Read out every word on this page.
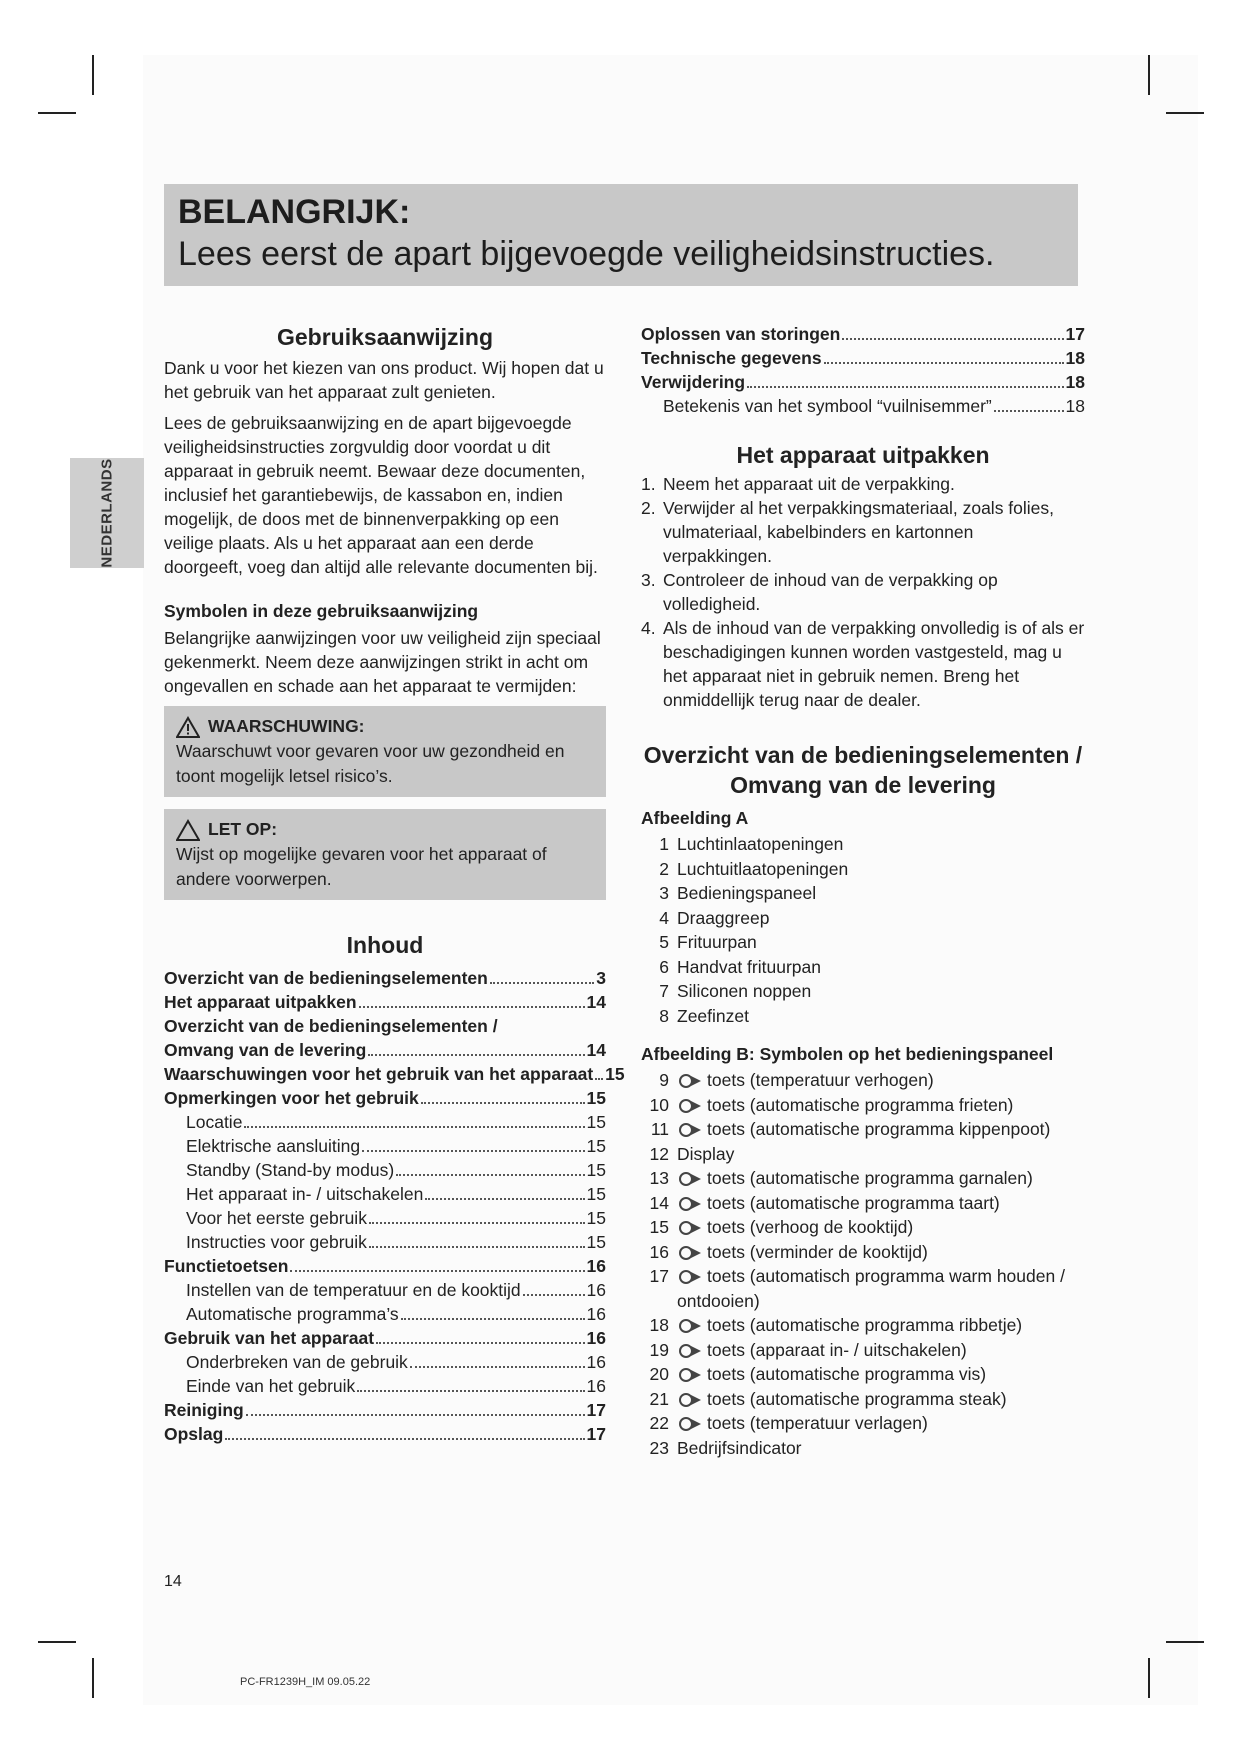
BELANGRIJK:
Lees eerst de apart bijgevoegde veiligheidsinstructies.
NEDERLANDS
Gebruiksaanwijzing

Dank u voor het kiezen van ons product. Wij hopen dat u het gebruik van het apparaat zult genieten.

Lees de gebruiksaanwijzing en de apart bijgevoegde veiligheidsinstructies zorgvuldig door voordat u dit apparaat in gebruik neemt. Bewaar deze documenten, inclusief het garantiebewijs, de kassabon en, indien mogelijk, de doos met de binnenverpakking op een veilige plaats. Als u het apparaat aan een derde doorgeeft, voeg dan altijd alle relevante documenten bij.

Symbolen in deze gebruiksaanwijzing

Belangrijke aanwijzingen voor uw veiligheid zijn speciaal gekenmerkt. Neem deze aanwijzingen strikt in acht om ongevallen en schade aan het apparaat te vermijden:

WAARSCHUWING:
Waarschuwt voor gevaren voor uw gezondheid en toont mogelijk letsel risico’s.
LET OP:
Wijst op mogelijke gevaren voor het apparaat of andere voorwerpen.
Inhoud
Overzicht van de bedieningselementen	3
Het apparaat uitpakken	14
Overzicht van de bedieningselementen /
Omvang van de levering	14
Waarschuwingen voor het gebruik van het apparaat 15
Opmerkingen voor het gebruik	15
Locatie	15
Elektrische aansluiting	15
Standby (Stand-by modus)	15
Het apparaat in- / uitschakelen	15
Voor het eerste gebruik	15
Instructies voor gebruik	15
Functietoetsen	16
Instellen van de temperatuur en de kooktijd	16
Automatische programma’s	16
Gebruik van het apparaat	16
Onderbreken van de gebruik	16
Einde van het gebruik	16
Reiniging	17
Opslag	17
Oplossen van storingen	17
Technische gegevens	18
Verwijdering	18
Betekenis van het symbool “vuilnisemmer”	18
Het apparaat uitpakken
1. Neem het apparaat uit de verpakking.
2. Verwijder al het verpakkingsmateriaal, zoals folies, vulmateriaal, kabelbinders en kartonnen verpakkingen.
3. Controleer de inhoud van de verpakking op volledigheid.
4. Als de inhoud van de verpakking onvolledig is of als er beschadigingen kunnen worden vastgesteld, mag u het apparaat niet in gebruik nemen. Breng het onmiddellijk terug naar de dealer.
Overzicht van de bedieningselementen /
Omvang van de levering

Afbeelding A

1 Luchtinlaatopeningen
2 Luchtuitlaatopeningen
3 Bedieningspaneel
4 Draaggreep
5 Frituurpan
6 Handvat frituurpan
7 Siliconen noppen
8 Zeefinzet

Afbeelding B: Symbolen op het bedieningspaneel

9	toets (temperatuur verhogen)
10	toets (automatische programma frieten)
11	toets (automatische programma kippenpoot)
12 Display
13	toets (automatische programma garnalen)
14	toets (automatische programma taart)
15	toets (verhoog de kooktijd)
16	toets (verminder de kooktijd)
17	toets (automatisch programma warm houden / ontdooien)
18	toets (automatische programma ribbetje)
19	toets (apparaat in- / uitschakelen)
20	toets (automatische programma vis)
21	toets (automatische programma steak)
22	toets (temperatuur verlagen)
23 Bedrijfsindicator
14
PC-FR1239H_IM 09.05.22
